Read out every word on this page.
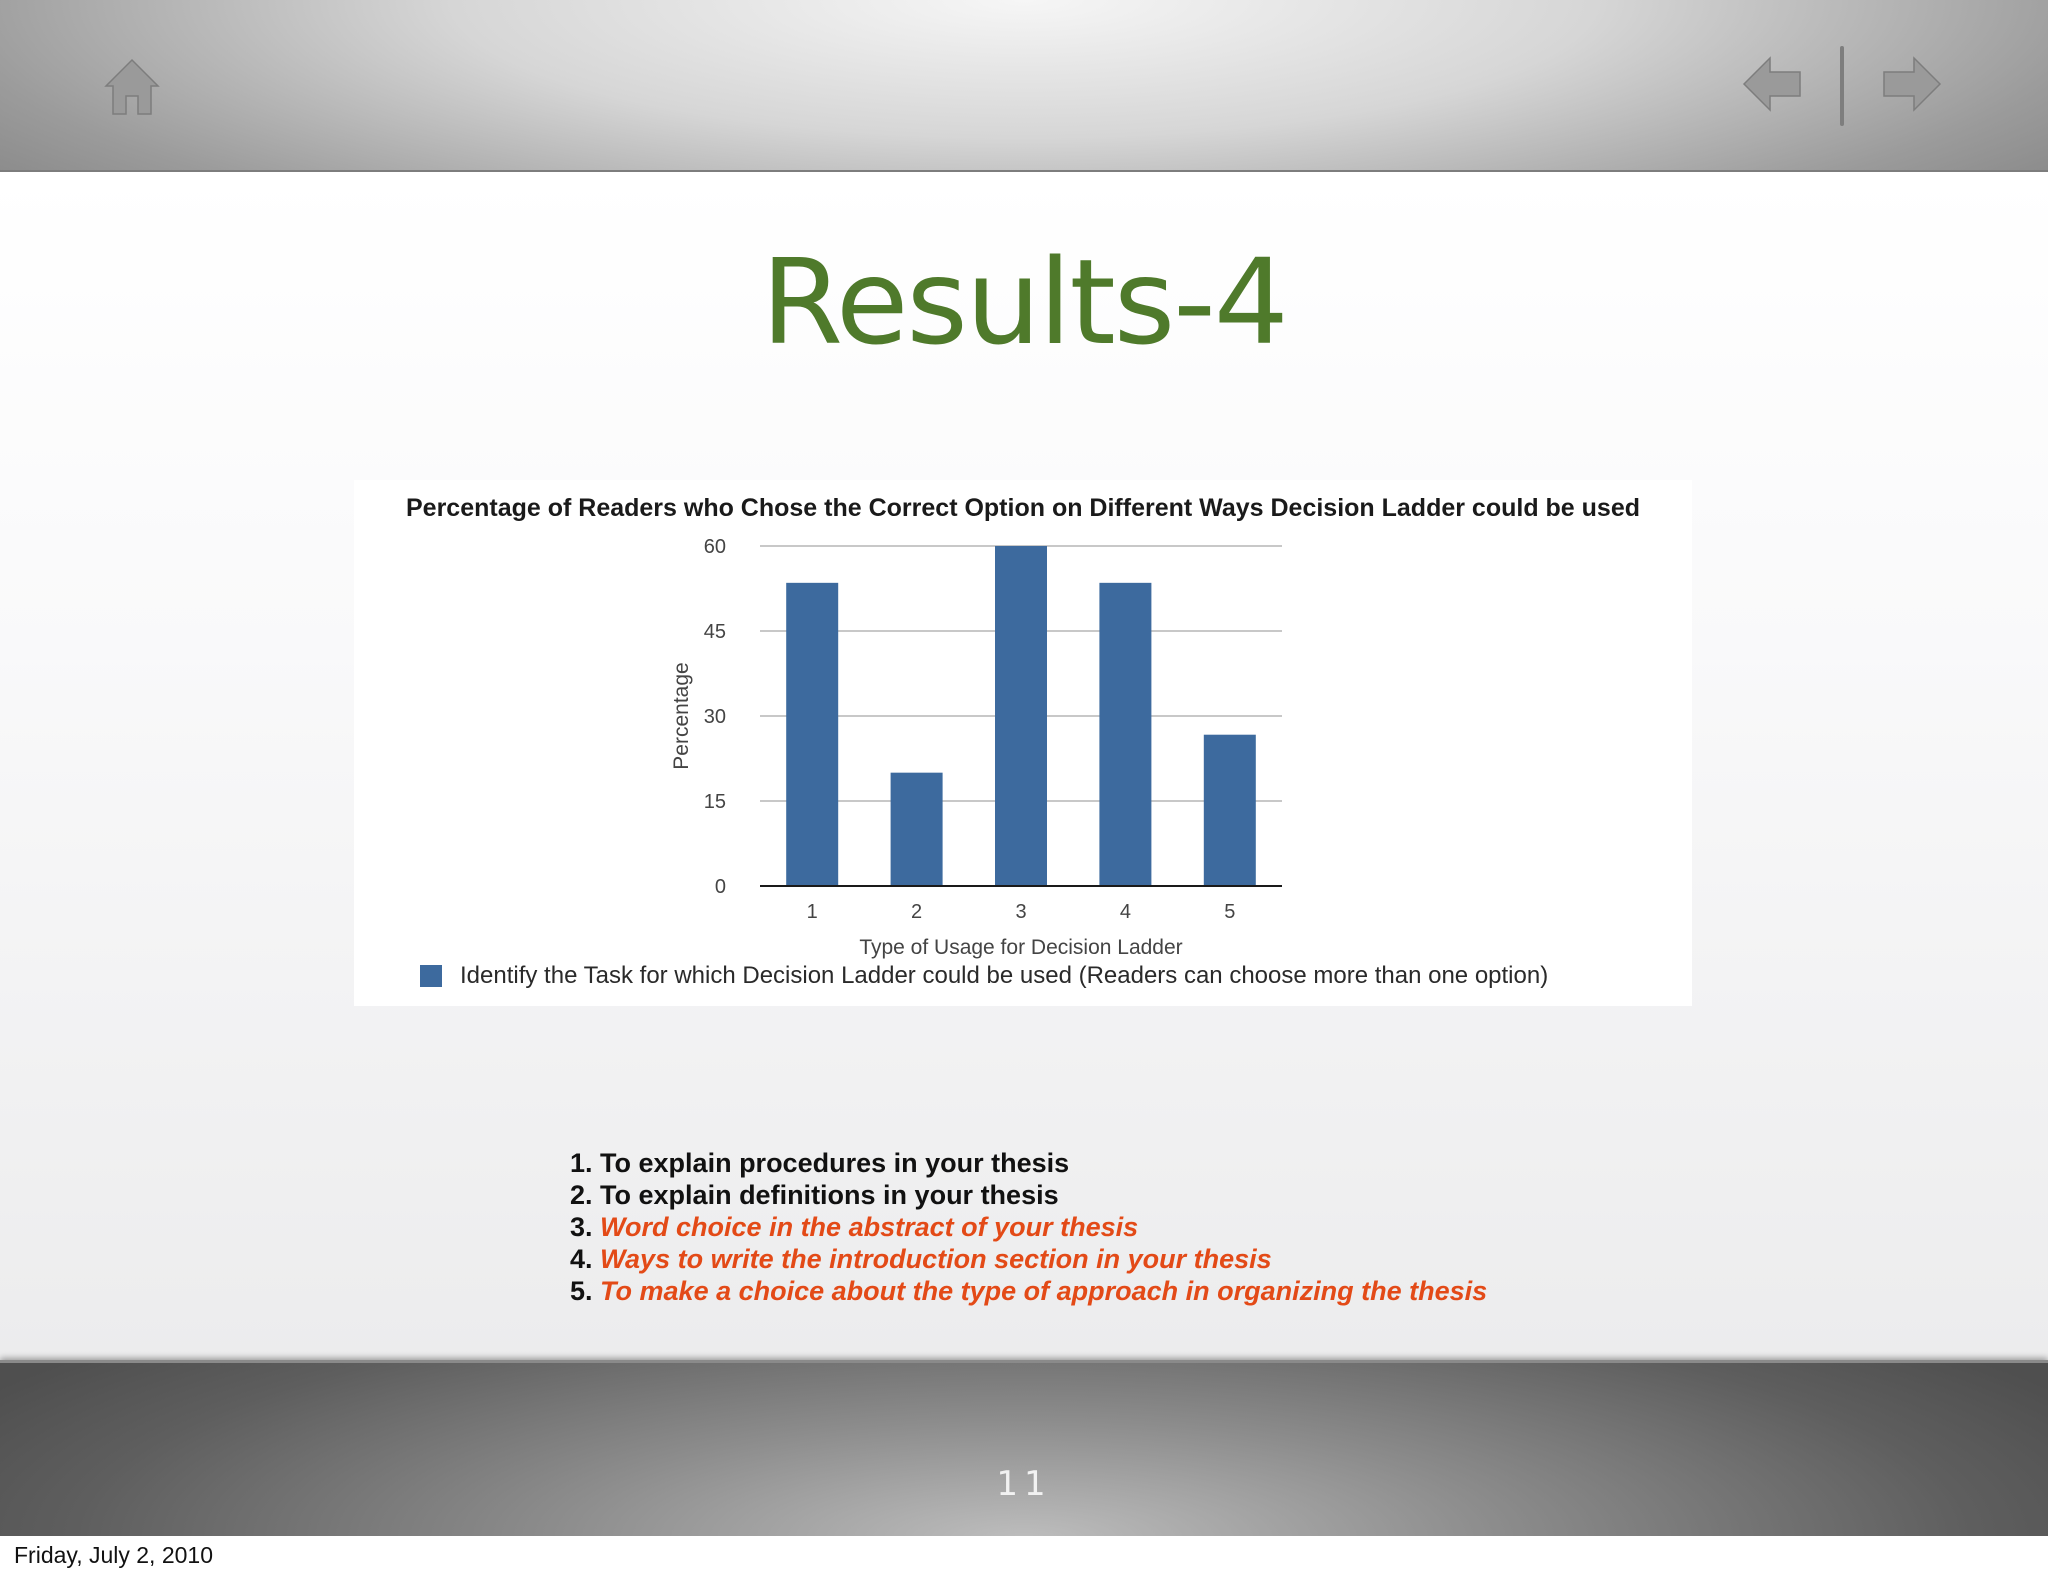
Results-4
Percentage of Readers who Chose the Correct Option on Different Ways Decision Ladder could be used
0
15
30
45
60
1	2	3	4	5
Type of Usage for Decision Ladder
Percentage
Identify the Task for which Decision Ladder could be used (Readers can choose more than one option)
1. To explain procedures in your thesis
2. To explain definitions in your thesis
3. Word choice in the abstract of your thesis
4. Ways to write the introduction section in your thesis
5. To make a choice about the type of approach in organizing the thesis
11
Friday, July 2, 2010
